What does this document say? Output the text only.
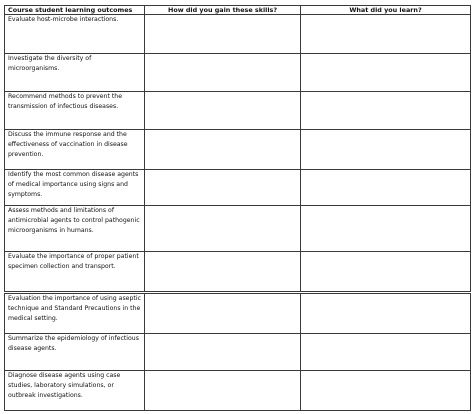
Course student learning outcomes	How did you gain these skills?	What did you learn?
Evaluate host-microbe interactions.		
Investigate the diversity of microorganisms.		
Recommend methods to prevent the transmission of infectious diseases.		
Discuss the immune response and the effectiveness of vaccination in disease prevention.		
Identify the most common disease agents of medical importance using signs and symptoms.		
Assess methods and limitations of antimicrobial agents to control pathogenic microorganisms in humans.		
Evaluate the importance of proper patient specimen collection and transport.		
Evaluation the importance of using aseptic technique and Standard Precautions in the medical setting.		
Summarize the epidemiology of infectious disease agents.		
Diagnose disease agents using case studies, laboratory simulations, or outbreak investigations.		
